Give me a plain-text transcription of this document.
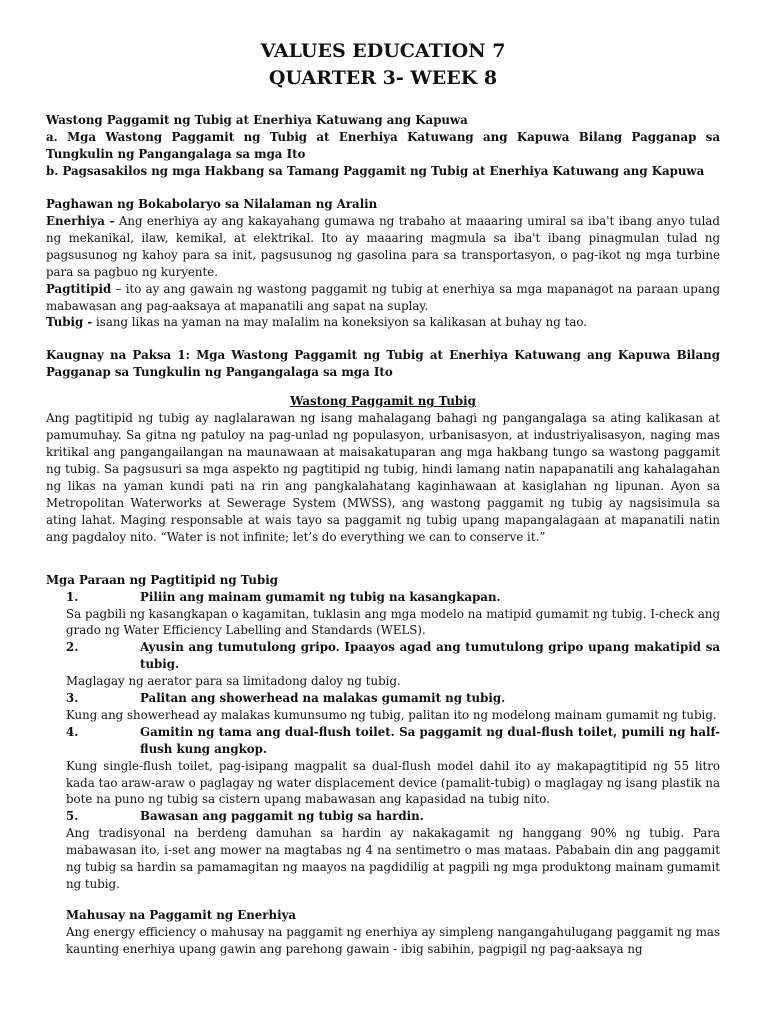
VALUES EDUCATION 7
QUARTER 3- WEEK 8
Wastong Paggamit ng Tubig at Enerhiya Katuwang ang Kapuwa
a. Mga Wastong Paggamit ng Tubig at Enerhiya Katuwang ang Kapuwa Bilang Pagganap sa Tungkulin ng Pangangalaga sa mga Ito
b. Pagsasakilos ng mga Hakbang sa Tamang Paggamit ng Tubig at Enerhiya Katuwang ang Kapuwa
Paghawan ng Bokabolaryo sa Nilalaman ng Aralin

Enerhiya - Ang enerhiya ay ang kakayahang gumawa ng trabaho at maaaring umiral sa iba't ibang anyo tulad ng mekanikal, ilaw, kemikal, at elektrikal. Ito ay maaaring magmula sa iba't ibang pinagmulan tulad ng pagsusunog ng kahoy para sa init, pagsusunog ng gasolina para sa transportasyon, o pag-ikot ng mga turbine para sa pagbuo ng kuryente.

Pagtitipid – ito ay ang gawain ng wastong paggamit ng tubig at enerhiya sa mga mapanagot na paraan upang mabawasan ang pag-aaksaya at mapanatili ang sapat na suplay.

Tubig - isang likas na yaman na may malalim na koneksiyon sa kalikasan at buhay ng tao.

Kaugnay na Paksa 1: Mga Wastong Paggamit ng Tubig at Enerhiya Katuwang ang Kapuwa Bilang Pagganap sa Tungkulin ng Pangangalaga sa mga Ito
Wastong Paggamit ng Tubig

Ang pagtitipid ng tubig ay naglalarawan ng isang mahalagang bahagi ng pangangalaga sa ating kalikasan at pamumuhay. Sa gitna ng patuloy na pag-unlad ng populasyon, urbanisasyon, at industriyalisasyon, naging mas kritikal ang pangangailangan na maunawaan at maisakatuparan ang mga hakbang tungo sa wastong paggamit ng tubig. Sa pagsusuri sa mga aspekto ng pagtitipid ng tubig, hindi lamang natin napapanatili ang kahalagahan ng likas na yaman kundi pati na rin ang pangkalahatang kaginhawaan at kasiglahan ng lipunan. Ayon sa Metropolitan Waterworks at Sewerage System (MWSS), ang wastong paggamit ng tubig ay nagsisimula sa ating lahat. Maging responsable at wais tayo sa paggamit ng tubig upang mapangalagaan at mapanatili natin ang pagdaloy nito. “Water is not infinite; let’s do everything we can to conserve it.”

Mga Paraan ng Pagtitipid ng Tubig
1.	Piliin ang mainam gumamit ng tubig na kasangkapan.
Sa pagbili ng kasangkapan o kagamitan, tuklasin ang mga modelo na matipid gumamit ng tubig. I-check ang grado ng Water Efficiency Labelling and Standards (WELS).
2.	Ayusin ang tumutulong gripo. Ipaayos agad ang tumutulong gripo upang makatipid sa tubig.
Maglagay ng aerator para sa limitadong daloy ng tubig.
3.	Palitan ang showerhead na malakas gumamit ng tubig.
Kung ang showerhead ay malakas kumunsumo ng tubig, palitan ito ng modelong mainam gumamit ng tubig.
4.	Gamitin ng tama ang dual-flush toilet. Sa paggamit ng dual-flush toilet, pumili ng half-flush kung angkop.
Kung single-flush toilet, pag-isipang magpalit sa dual-flush model dahil ito ay makapagtitipid ng 55 litro kada tao araw-araw o paglagay ng water displacement device (pamalit-tubig) o maglagay ng isang plastik na bote na puno ng tubig sa cistern upang mabawasan ang kapasidad na tubig nito.
5.	Bawasan ang paggamit ng tubig sa hardin.
Ang tradisyonal na berdeng damuhan sa hardin ay nakakagamit ng hanggang 90% ng tubig. Para mabawasan ito, i-set ang mower na magtabas ng 4 na sentimetro o mas mataas. Pababain din ang paggamit ng tubig sa hardin sa pamamagitan ng maayos na pagdidilig at pagpili ng mga produktong mainam gumamit ng tubig.
Mahusay na Paggamit ng Enerhiya
Ang energy efficiency o mahusay na paggamit ng enerhiya ay simpleng nangangahulugang paggamit ng mas kaunting enerhiya upang gawin ang parehong gawain - ibig sabihin, pagpigil ng pag-aaksaya ng
